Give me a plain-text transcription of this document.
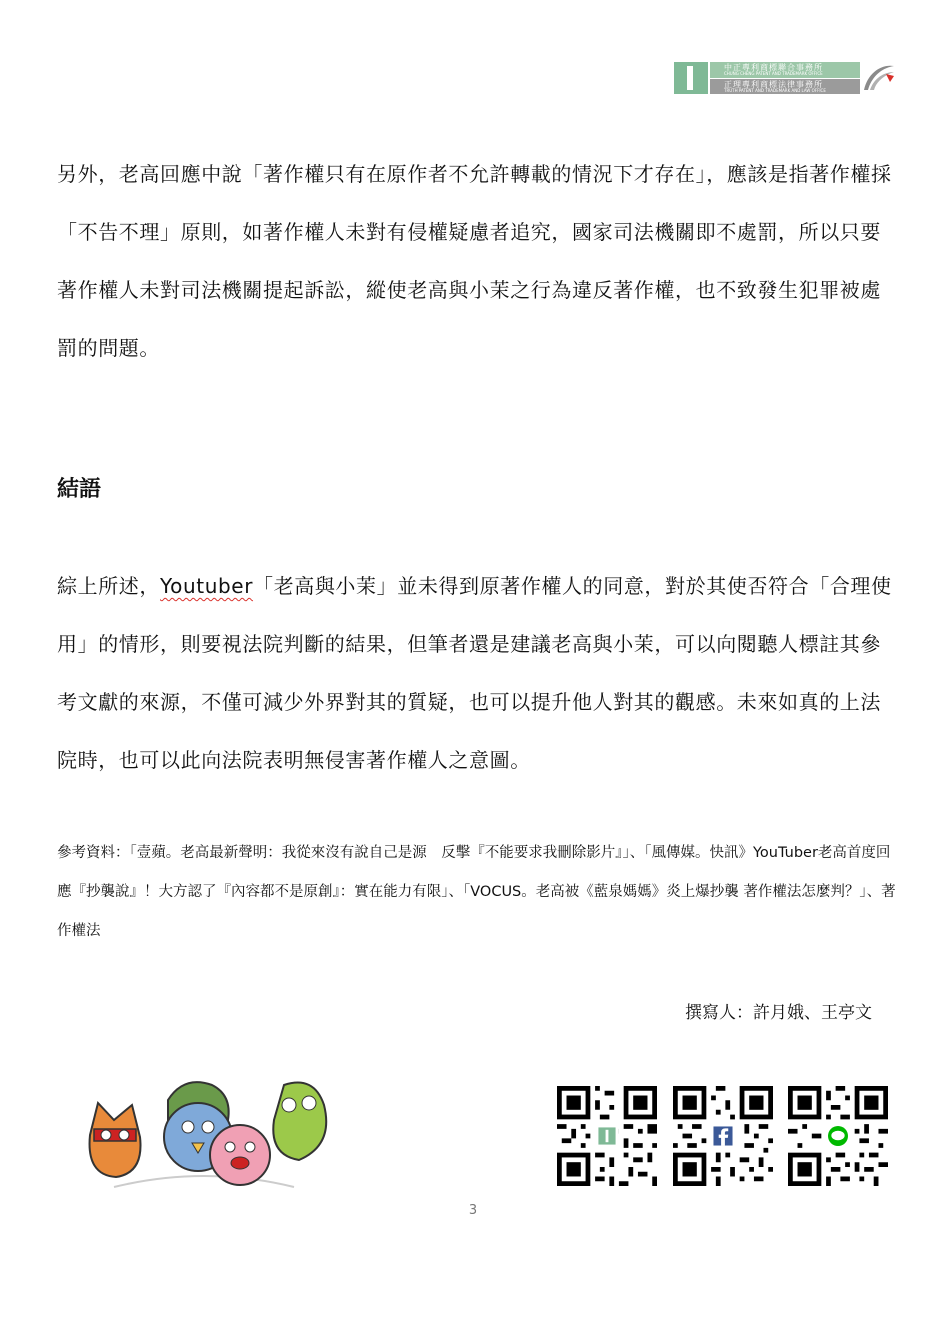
中正專利商標聯合事務所
CHUNG CHENG PATENT AND TRADEMARK OFFICE
正理專利商標法律事務所
TRUTH PATENT AND TRADEMARK AND LAW OFFICE

另外，老高回應中說「著作權只有在原作者不允許轉載的情況下才存在」，應該是指著作權採「不告不理」原則，如著作權人未對有侵權疑慮者追究，國家司法機關即不處罰，所以只要著作權人未對司法機關提起訴訟，縱使老高與小茉之行為違反著作權，也不致發生犯罪被處罰的問題。

結語

綜上所述，Youtuber「老高與小茉」並未得到原著作權人的同意，對於其使否符合「合理使用」的情形，則要視法院判斷的結果，但筆者還是建議老高與小茉，可以向閱聽人標註其參考文獻的來源，不僅可減少外界對其的質疑，也可以提升他人對其的觀感。未來如真的上法院時，也可以此向法院表明無侵害著作權人之意圖。

參考資料：「壹蘋。老高最新聲明：我從來沒有說自己是源　反擊『不能要求我刪除影片』」、「風傳媒。快訊》YouTuber老高首度回應『抄襲說』！大方認了『內容都不是原創』：實在能力有限」、「VOCUS。老高被《藍泉媽媽》炎上爆抄襲 著作權法怎麼判？」、著作權法

撰寫人：許月娥、王亭文
3
